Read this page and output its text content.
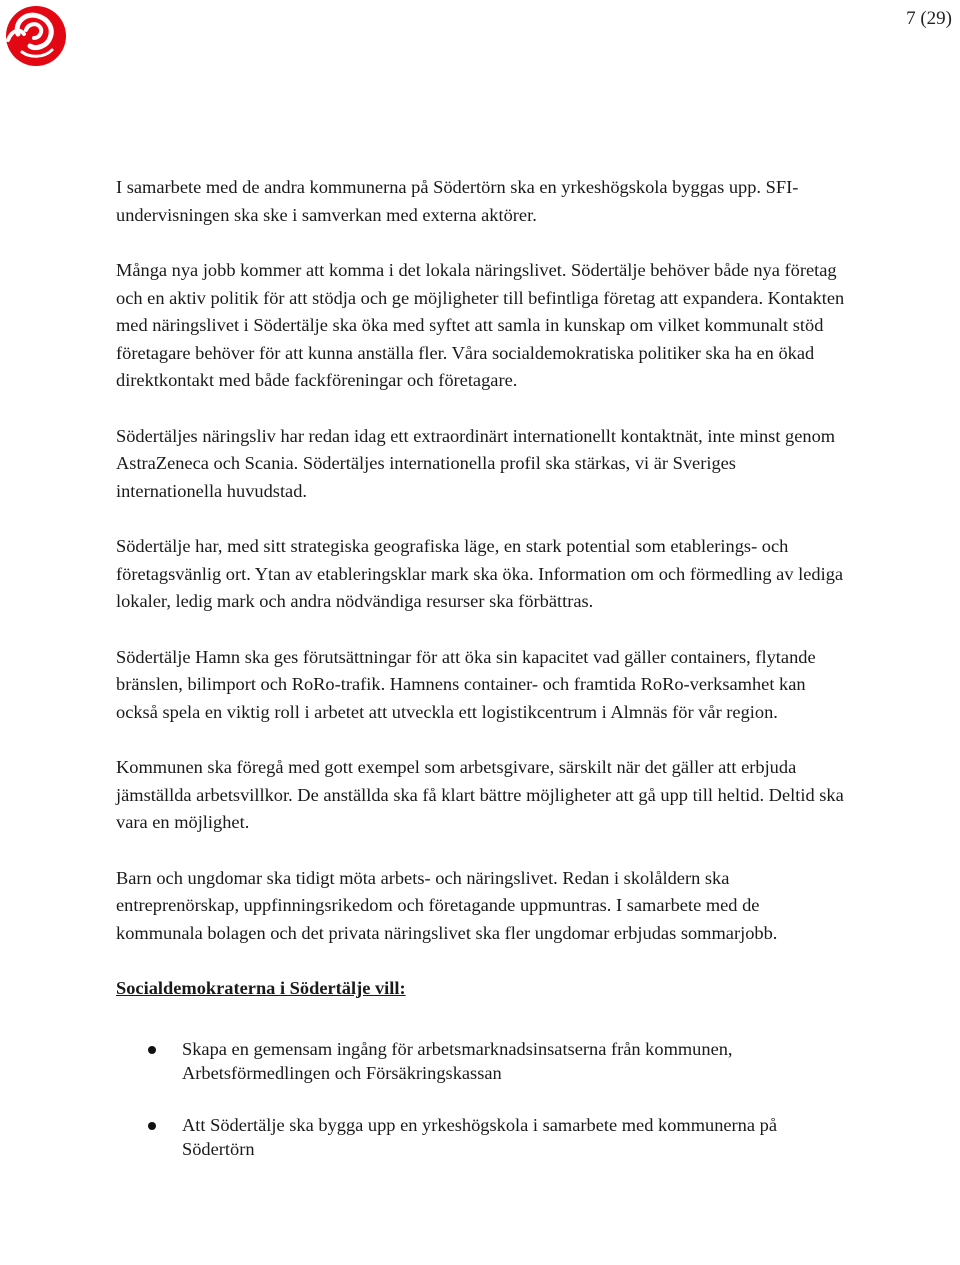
7 (29)

I samarbete med de andra kommunerna på Södertörn ska en yrkeshögskola byggas upp. SFI-undervisningen ska ske i samverkan med externa aktörer.

Många nya jobb kommer att komma i det lokala näringslivet. Södertälje behöver både nya företag och en aktiv politik för att stödja och ge möjligheter till befintliga företag att expandera. Kontakten med näringslivet i Södertälje ska öka med syftet att samla in kunskap om vilket kommunalt stöd företagare behöver för att kunna anställa fler. Våra socialdemokratiska politiker ska ha en ökad direktkontakt med både fackföreningar och företagare.

Södertäljes näringsliv har redan idag ett extraordinärt internationellt kontaktnät, inte minst genom AstraZeneca och Scania. Södertäljes internationella profil ska stärkas, vi är Sveriges internationella huvudstad.

Södertälje har, med sitt strategiska geografiska läge, en stark potential som etablerings- och företagsvänlig ort. Ytan av etableringsklar mark ska öka. Information om och förmedling av lediga lokaler, ledig mark och andra nödvändiga resurser ska förbättras.

Södertälje Hamn ska ges förutsättningar för att öka sin kapacitet vad gäller containers, flytande bränslen, bilimport och RoRo-trafik. Hamnens container- och framtida RoRo-verksamhet kan också spela en viktig roll i arbetet att utveckla ett logistikcentrum i Almnäs för vår region.

Kommunen ska föregå med gott exempel som arbetsgivare, särskilt när det gäller att erbjuda jämställda arbetsvillkor. De anställda ska få klart bättre möjligheter att gå upp till heltid. Deltid ska vara en möjlighet.

Barn och ungdomar ska tidigt möta arbets- och näringslivet. Redan i skolåldern ska entreprenörskap, uppfinningsrikedom och företagande uppmuntras. I samarbete med de kommunala bolagen och det privata näringslivet ska fler ungdomar erbjudas sommarjobb.

Socialdemokraterna i Södertälje vill:
Skapa en gemensam ingång för arbetsmarknadsinsatserna från kommunen, Arbetsförmedlingen och Försäkringskassan
Att Södertälje ska bygga upp en yrkeshögskola i samarbete med kommunerna på Södertörn
